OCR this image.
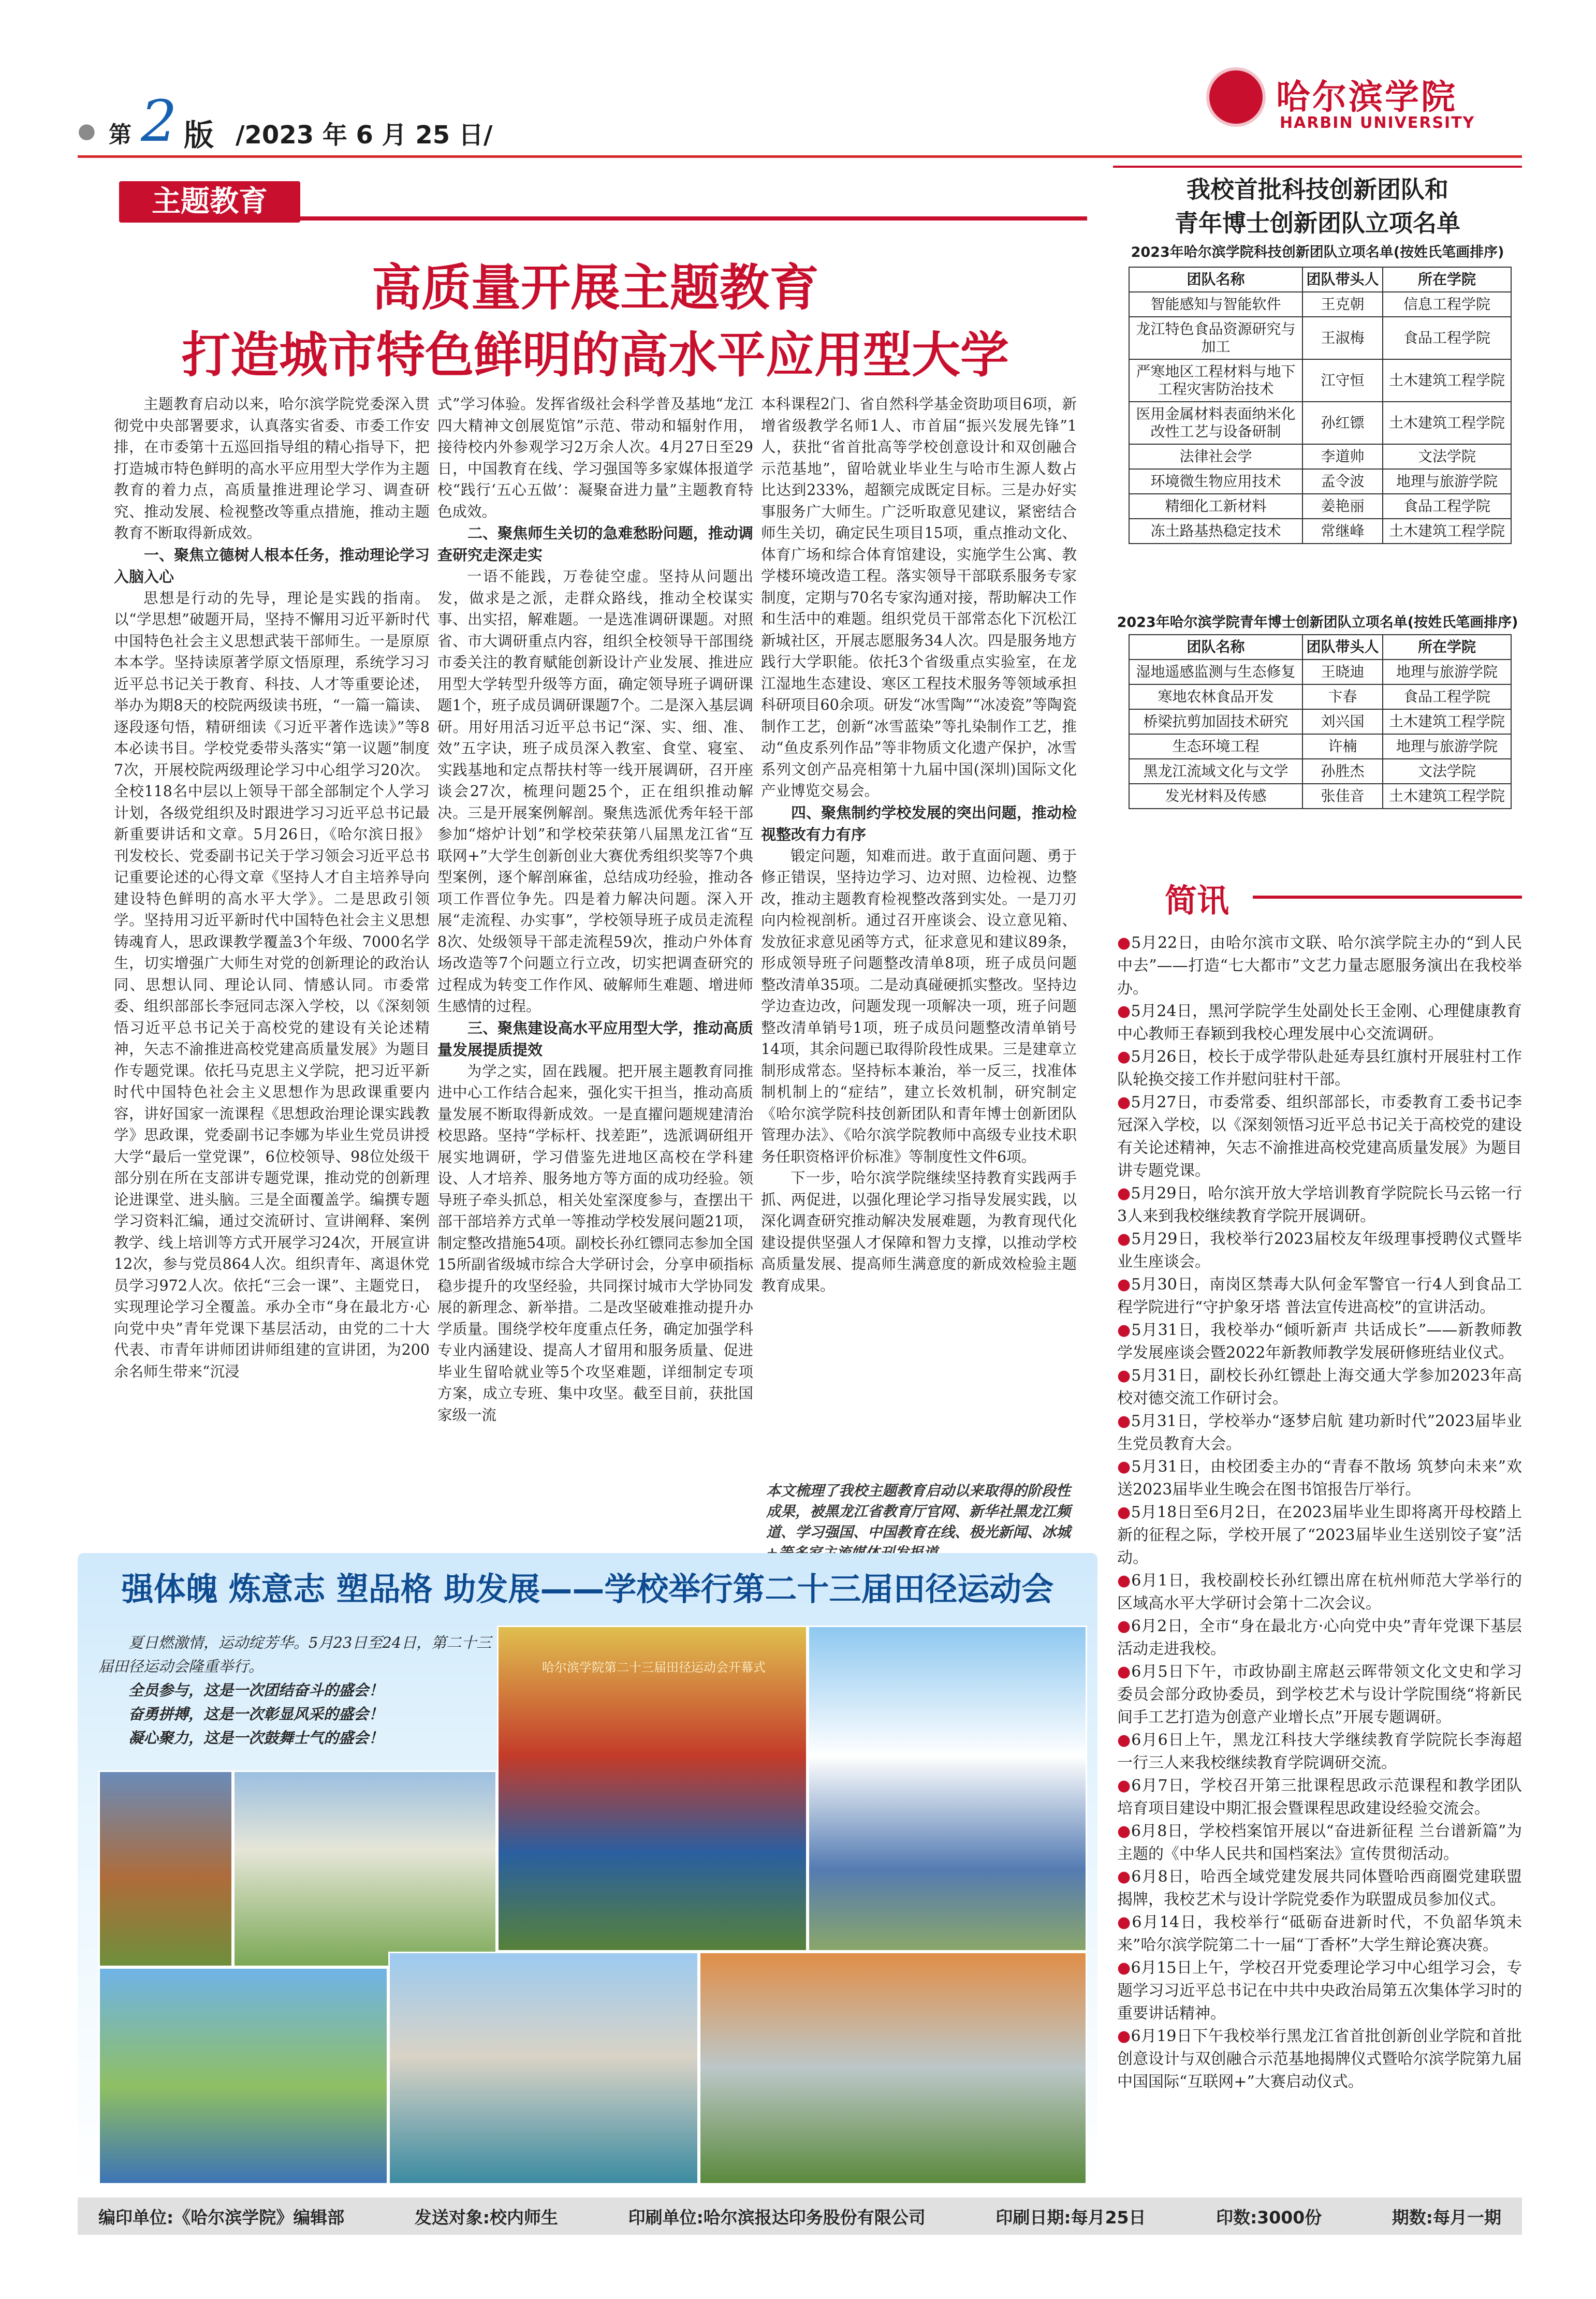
● 第 2 版 /2023 年 6 月 25 日/
哈尔滨学院
HARBIN UNIVERSITY
主题教育
高质量开展主题教育
打造城市特色鲜明的高水平应用型大学

主题教育启动以来，哈尔滨学院党委深入贯彻党中央部署要求，认真落实省委、市委工作安排，在市委第十五巡回指导组的精心指导下，把打造城市特色鲜明的高水平应用型大学作为主题教育的着力点，高质量推进理论学习、调查研究、推动发展、检视整改等重点措施，推动主题教育不断取得新成效。

一、聚焦立德树人根本任务，推动理论学习入脑入心

思想是行动的先导，理论是实践的指南。以“学思想”破题开局，坚持不懈用习近平新时代中国特色社会主义思想武装干部师生。一是原原本本学。坚持读原著学原文悟原理，系统学习习近平总书记关于教育、科技、人才等重要论述，举办为期8天的校院两级读书班，“一篇一篇读、逐段逐句悟，精研细读《习近平著作选读》”等8本必读书目。学校党委带头落实“第一议题”制度7次，开展校院两级理论学习中心组学习20次。全校118名中层以上领导干部全部制定个人学习计划，各级党组织及时跟进学习习近平总书记最新重要讲话和文章。5月26日，《哈尔滨日报》刊发校长、党委副书记关于学习领会习近平总书记重要论述的心得文章《坚持人才自主培养导向 建设特色鲜明的高水平大学》。二是思政引领学。坚持用习近平新时代中国特色社会主义思想铸魂育人，思政课教学覆盖3个年级、7000名学生，切实增强广大师生对党的创新理论的政治认同、思想认同、理论认同、情感认同。市委常委、组织部部长李冠同志深入学校，以《深刻领悟习近平总书记关于高校党的建设有关论述精神，矢志不渝推进高校党建高质量发展》为题目作专题党课。依托马克思主义学院，把习近平新时代中国特色社会主义思想作为思政课重要内容，讲好国家一流课程《思想政治理论课实践教学》思政课，党委副书记李娜为毕业生党员讲授大学“最后一堂党课”，6位校领导、98位处级干部分别在所在支部讲专题党课，推动党的创新理论进课堂、进头脑。三是全面覆盖学。编撰专题学习资料汇编，通过交流研讨、宣讲阐释、案例教学、线上培训等方式开展学习24次，开展宣讲12次，参与党员864人次。组织青年、离退休党员学习972人次。依托“三会一课”、主题党日，实现理论学习全覆盖。承办全市“身在最北方·心向党中央”青年党课下基层活动，由党的二十大代表、市青年讲师团讲师组建的宣讲团，为200余名师生带来“沉浸

式”学习体验。发挥省级社会科学普及基地“龙江四大精神文创展览馆”示范、带动和辐射作用，接待校内外参观学习2万余人次。4月27日至29日，中国教育在线、学习强国等多家媒体报道学校“践行‘五心五做’：凝聚奋进力量”主题教育特色成效。

二、聚焦师生关切的急难愁盼问题，推动调查研究走深走实

一语不能践，万卷徒空虚。坚持从问题出发，做求是之派，走群众路线，推动全校谋实事、出实招，解难题。一是选准调研课题。对照省、市大调研重点内容，组织全校领导干部围绕市委关注的教育赋能创新设计产业发展、推进应用型大学转型升级等方面，确定领导班子调研课题1个，班子成员调研课题7个。二是深入基层调研。用好用活习近平总书记“深、实、细、准、效”五字诀，班子成员深入教室、食堂、寝室、实践基地和定点帮扶村等一线开展调研，召开座谈会27次，梳理问题25个，正在组织推动解决。三是开展案例解剖。聚焦选派优秀年轻干部参加“熔炉计划”和学校荣获第八届黑龙江省“互联网+”大学生创新创业大赛优秀组织奖等7个典型案例，逐个解剖麻雀，总结成功经验，推动各项工作晋位争先。四是着力解决问题。深入开展“走流程、办实事”，学校领导班子成员走流程8次、处级领导干部走流程59次，推动户外体育场改造等7个问题立行立改，切实把调查研究的过程成为转变工作作风、破解师生难题、增进师生感情的过程。

三、聚焦建设高水平应用型大学，推动高质量发展提质提效

为学之实，固在践履。把开展主题教育同推进中心工作结合起来，强化实干担当，推动高质量发展不断取得新成效。一是直擢问题规建清治校思路。坚持“学标杆、找差距”，选派调研组开展实地调研，学习借鉴先进地区高校在学科建设、人才培养、服务地方等方面的成功经验。领导班子牵头抓总，相关处室深度参与，查摆出干部干部培养方式单一等推动学校发展问题21项，制定整改措施54项。副校长孙红镖同志参加全国15所副省级城市综合大学研讨会，分享申硕指标稳步提升的攻坚经验，共同探讨城市大学协同发展的新理念、新举措。二是改坚破难推动提升办学质量。围绕学校年度重点任务，确定加强学科专业内涵建设、提高人才留用和服务质量、促进毕业生留哈就业等5个攻坚难题，详细制定专项方案，成立专班、集中攻坚。截至目前，获批国家级一流

本科课程2门、省自然科学基金资助项目6项，新增省级教学名师1人、市首届“振兴发展先锋”1人，获批“省首批高等学校创意设计和双创融合示范基地”，留哈就业毕业生与哈市生源人数占比达到233%，超额完成既定目标。三是办好实事服务广大师生。广泛听取意见建议，紧密结合师生关切，确定民生项目15项，重点推动文化、体育广场和综合体育馆建设，实施学生公寓、教学楼环境改造工程。落实领导干部联系服务专家制度，定期与70名专家沟通对接，帮助解决工作和生活中的难题。组织党员干部常态化下沉松江新城社区，开展志愿服务34人次。四是服务地方践行大学职能。依托3个省级重点实验室，在龙江湿地生态建设、寒区工程技术服务等领域承担科研项目60余项。研发“冰雪陶”“冰凌瓷”等陶瓷制作工艺，创新“冰雪蓝染”等扎染制作工艺，推动“鱼皮系列作品”等非物质文化遗产保护，冰雪系列文创产品亮相第十九届中国(深圳)国际文化产业博览交易会。

四、聚焦制约学校发展的突出问题，推动检视整改有力有序

锻定问题，知难而进。敢于直面问题、勇于修正错误，坚持边学习、边对照、边检视、边整改，推动主题教育检视整改落到实处。一是刀刃向内检视剖析。通过召开座谈会、设立意见箱、发放征求意见函等方式，征求意见和建议89条，形成领导班子问题整改清单8项，班子成员问题整改清单35项。二是动真碰硬抓实整改。坚持边学边查边改，问题发现一项解决一项，班子问题整改清单销号1项，班子成员问题整改清单销号14项，其余问题已取得阶段性成果。三是建章立制形成常态。坚持标本兼治，举一反三，找准体制机制上的“症结”，建立长效机制，研究制定《哈尔滨学院科技创新团队和青年博士创新团队管理办法》、《哈尔滨学院教师中高级专业技术职务任职资格评价标准》等制度性文件6项。

下一步，哈尔滨学院继续坚持教育实践两手抓、两促进，以强化理论学习指导发展实践，以深化调查研究推动解决发展难题，为教育现代化建设提供坚强人才保障和智力支撑，以推动学校高质量发展、提高师生满意度的新成效检验主题教育成果。

本文梳理了我校主题教育启动以来取得的阶段性成果，被黑龙江省教育厅官网、新华社黑龙江频道、学习强国、中国教育在线、极光新闻、冰城
我校首批科技创新团队和
青年博士创新团队立项名单
2023年哈尔滨学院科技创新团队立项名单(按姓氏笔画排序)
团队名称	团队带头人	所在学院
智能感知与智能软件	王克朝	信息工程学院
龙江特色食品资源研究与加工	王淑梅	食品工程学院
严寒地区工程材料与地下工程灾害防治技术	江守恒	土木建筑工程学院
医用金属材料表面纳米化改性工艺与设备研制	孙红镖	土木建筑工程学院
法律社会学	李道帅	文法学院
环境微生物应用技术	孟令波	地理与旅游学院
精细化工新材料	姜艳丽	食品工程学院
冻土路基热稳定技术	常继峰	土木建筑工程学院
2023年哈尔滨学院青年博士创新团队立项名单(按姓氏笔画排序)
团队名称	团队带头人	所在学院
湿地遥感监测与生态修复	王晓迪	地理与旅游学院
寒地农林食品开发	卞春	食品工程学院
桥梁抗剪加固技术研究	刘兴国	土木建筑工程学院
生态环境工程	许楠	地理与旅游学院
黑龙江流域文化与文学	孙胜杰	文法学院
发光材料及传感	张佳音	土木建筑工程学院
简讯
●5月22日，由哈尔滨市文联、哈尔滨学院主办的“到人民中去”——打造“七大都市”文艺力量志愿服务演出在我校举办。
●5月24日，黑河学院学生处副处长王金刚、心理健康教育中心教师王春颖到我校心理发展中心交流调研。
●5月26日，校长于成学带队赴延寿县红旗村开展驻村工作队轮换交接工作并慰问驻村干部。
●5月27日，市委常委、组织部部长，市委教育工委书记李冠深入学校，以《深刻领悟习近平总书记关于高校党的建设有关论述精神，矢志不渝推进高校党建高质量发展》为题目讲专题党课。
●5月29日，哈尔滨开放大学培训教育学院院长马云铭一行3人来到我校继续教育学院开展调研。
●5月29日，我校举行2023届校友年级理事授聘仪式暨毕业生座谈会。
●5月30日，南岗区禁毒大队何金军警官一行4人到食品工程学院进行“守护象牙塔 普法宣传进高校”的宣讲活动。
●5月31日，我校举办“倾听新声 共话成长”——新教师教学发展座谈会暨2022年新教师教学发展研修班结业仪式。
●5月31日，副校长孙红镖赴上海交通大学参加2023年高校对德交流工作研讨会。
●5月31日，学校举办“逐梦启航 建功新时代”2023届毕业生党员教育大会。
●5月31日，由校团委主办的“青春不散场 筑梦向未来”欢送2023届毕业生晚会在图书馆报告厅举行。
●5月18日至6月2日，在2023届毕业生即将离开母校踏上新的征程之际，学校开展了“2023届毕业生送别饺子宴”活动。
●6月1日，我校副校长孙红镖出席在杭州师范大学举行的区域高水平大学研讨会第十二次会议。
●6月2日，全市“身在最北方·心向党中央”青年党课下基层活动走进我校。
●6月5日下午，市政协副主席赵云晖带领文化文史和学习委员会部分政协委员，到学校艺术与设计学院围绕“将新民间手工艺打造为创意产业增长点”开展专题调研。
●6月6日上午，黑龙江科技大学继续教育学院院长李海超一行三人来我校继续教育学院调研交流。
●6月7日，学校召开第三批课程思政示范课程和教学团队培育项目建设中期汇报会暨课程思政建设经验交流会。
●6月8日，学校档案馆开展以“奋进新征程 兰台谱新篇”为主题的《中华人民共和国档案法》宣传贯彻活动。
●6月8日，哈西全域党建发展共同体暨哈西商圈党建联盟揭牌，我校艺术与设计学院党委作为联盟成员参加仪式。
●6月14日，我校举行“砥砺奋进新时代，不负韶华筑未来”哈尔滨学院第二十一届“丁香杯”大学生辩论赛决赛。
●6月15日上午，学校召开党委理论学习中心组学习会，专题学习习近平总书记在中共中央政治局第五次集体学习时的重要讲话精神。
●6月19日下午我校举行黑龙江省首批创新创业学院和首批创意设计与双创融合示范基地揭牌仪式暨哈尔滨学院第九届中国国际“互联网+”大赛启动仪式。
强体魄 炼意志 塑品格 助发展——学校举行第二十三届田径运动会

夏日燃激情，运动绽芳华。5月23日至24日，第二十三届田径运动会隆重举行。

全员参与，这是一次团结奋斗的盛会！

奋勇拼搏，这是一次彰显风采的盛会！

凝心聚力，这是一次鼓舞士气的盛会！

哈尔滨学院第二十三届田径运动会开幕式
编印单位:《哈尔滨学院》编辑部	发送对象:校内师生	印刷单位:哈尔滨报达印务股份有限公司	印刷日期:每月25日	印数:3000份	期数:每月一期
